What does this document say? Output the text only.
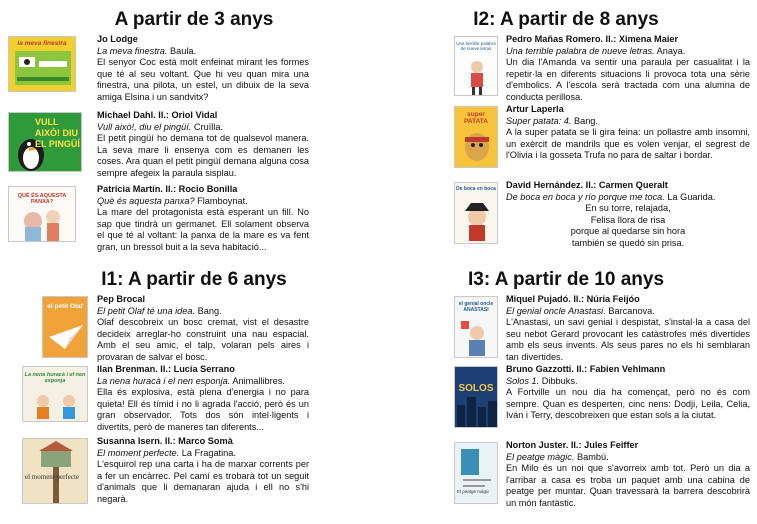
A partir de 3 anys
la meva finestra	Jo Lodge
La meva finestra. Baula.
El senyor Coc està molt enfeinat mirant les formes que té al seu voltant. Que hi veu quan mira una finestra, una pilota, un estel, un dibuix de la seva amiga Elsina i un sandvitx?
VULL AIXÒ! DIU EL PINGÜÍ
Michael Dahl. Il.: Oriol Vidal
Vull això!, diu el pingüí. Cruïlla.
El petit pingüí ho demana tot de qualsevol manera. La seva mare li ensenya com es demanen les coses. Ara quan el petit pingüí demana alguna cosa sempre afegeix la paraula sisplau.
QUÈ ÉS AQUESTA PANXA?
Patricia Martín. Il.: Rocio Bonilla
Què és aquesta panxa? Flamboynat.
La mare del protagonista està esperant un fill. No sap que tindrà un germanet. Ell solament observa el que té al voltant: la panxa de la mare es va fent gran, un bressol buit a la seva habitació...
I2: A partir de 8 anys
Una terrible palabra de nueve letras
Pedro Mañas Romero. Il.: Ximena Maier
Una terrible palabra de nueve letras. Anaya.
Un dia l'Amanda va sentir una paraula per casualitat i la repetir·la en diferents situacions li provoca tota una sèrie d'embolics. A l'escola serà tractada com una alumna de conducta perillosa.
super PATATA
Artur Laperla
Super patata: 4. Bang.
A la super patata se li gira feina: un pollastre amb insomni, un exèrcit de mandrils que es volen venjar, el segrest de l'Olivia i la gosseta Trufa no para de saltar i bordar.
De boca en boca David Hernández. Il.: Carmen Queralt
De boca en boca y río porque me toca. La Guarida.
En su torre, relajada,
Felisa llora de risa
porque al quedarse sin hora
también se quedó sin prisa.
I1: A partir de 6 anys
el petit Olaf
Pep Brocal
El petit Olaf té una idea. Bang.
Olaf descobreix un bosc cremat, vist el desastre decideix arreglar-ho construint una nau espacial. Amb el seu amic, el talp, volaran pels aires i provaran de salvar el bosc.
La nena huracà i el nen esponja
Ilan Brenman. Il.: Lucía Serrano
La nena huracà i el nen esponja. Animallibres.
Ella és explosiva, està plena d'energia i no para quieta! Ell és tímid i no li agrada l'acció, però és un gran observador. Tots dos són intel·ligents i divertits, però de maneres tan diferents...
el moment perfecte
Susanna Isern. Il.: Marco Somà
El moment perfecte. La Fragatina.
L'esquirol rep una carta i ha de marxar corrents per a fer un encàrrec. Pel camí es trobarà tot un seguit d'animals que li demanaran ajuda i ell no s'hi negarà.
I3: A partir de 10 anys
el genial oncle ANASTASI
Miquel Pujadó. Il.: Núria Feijóo
El genial oncle Anastasi. Barcanova.
L'Anastasi, un savi genial i despistat, s'instal·la a casa del seu nebot Gerard provocant les catàstrofes més divertides amb els seus invents. Als seus pares no els hi semblaran tan divertides.
SOLOS
Bruno Gazzotti. Il.: Fabien Vehlmann
Solos 1. Dibbuks.
A Fortville un nou dia ha començat, però no és com sempre. Quan es desperten, cinc nens: Dodji, Leila, Celia, Iván i Terry, descobreixen que estan sols a la ciutat.
El peatge màgic
Norton Juster. Il.: Jules Feiffer
El peatge màgic. Bambú.
En Milo és un noi que s'avorreix amb tot. Però un dia a l'arribar a casa es troba un paquet amb una cabina de peatge per muntar. Quan travessarà la barrera descobrirà un món fantàstic.
